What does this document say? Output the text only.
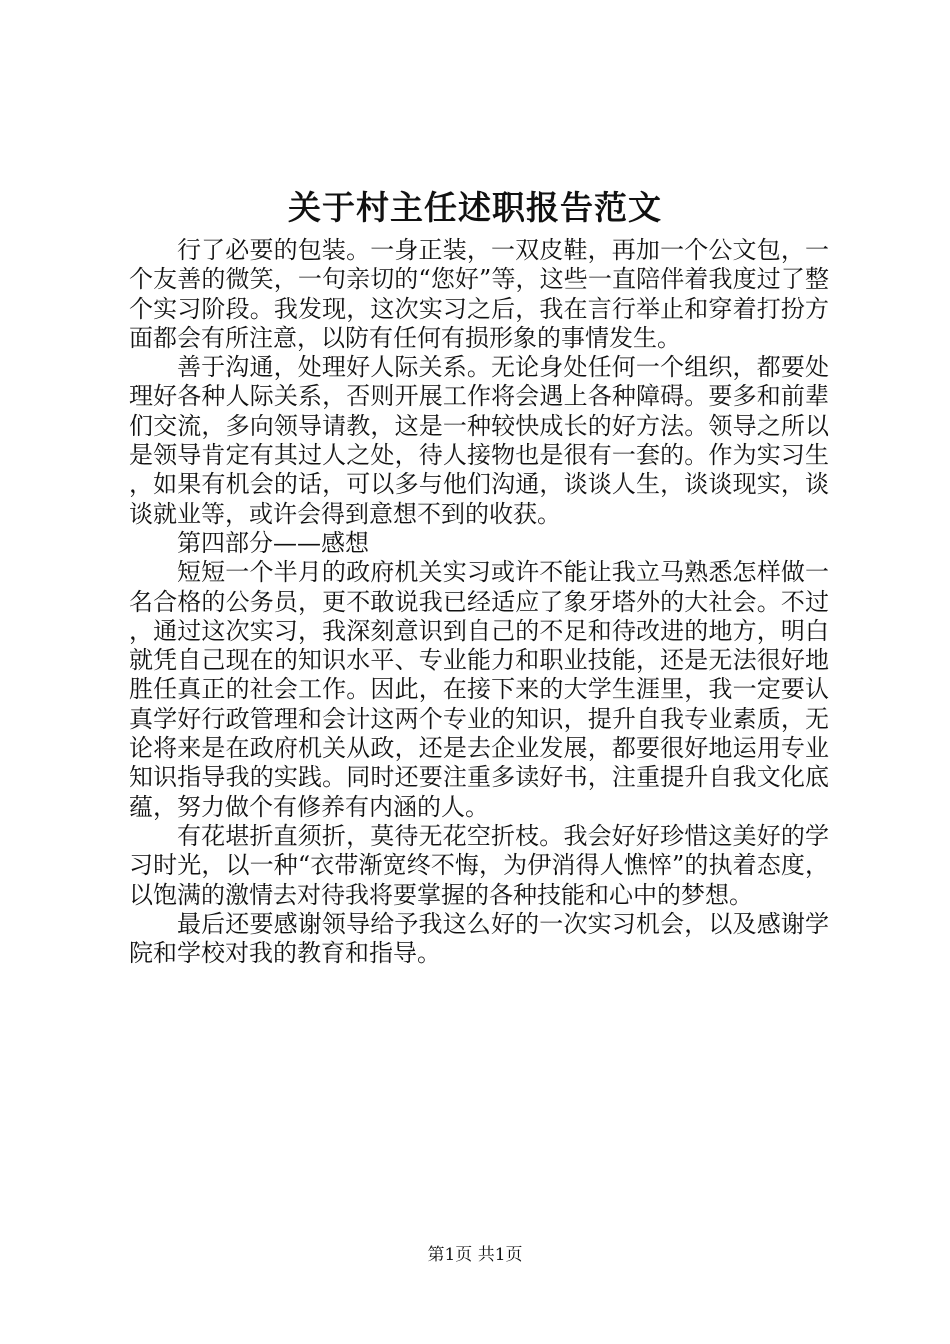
关于村主任述职报告范文

行了必要的包装。一身正装，一双皮鞋，再加一个公文包，一个友善的微笑，一句亲切的“您好”等，这些一直陪伴着我度过了整个实习阶段。我发现，这次实习之后，我在言行举止和穿着打扮方面都会有所注意，以防有任何有损形象的事情发生。

善于沟通，处理好人际关系。无论身处任何一个组织，都要处理好各种人际关系，否则开展工作将会遇上各种障碍。要多和前辈们交流，多向领导请教，这是一种较快成长的好方法。领导之所以是领导肯定有其过人之处，待人接物也是很有一套的。作为实习生，如果有机会的话，可以多与他们沟通，谈谈人生，谈谈现实，谈谈就业等，或许会得到意想不到的收获。

第四部分——感想

短短一个半月的政府机关实习或许不能让我立马熟悉怎样做一名合格的公务员，更不敢说我已经适应了象牙塔外的大社会。不过，通过这次实习，我深刻意识到自己的不足和待改进的地方，明白就凭自己现在的知识水平、专业能力和职业技能，还是无法很好地胜任真正的社会工作。因此，在接下来的大学生涯里，我一定要认真学好行政管理和会计这两个专业的知识，提升自我专业素质，无论将来是在政府机关从政，还是去企业发展，都要很好地运用专业知识指导我的实践。同时还要注重多读好书，注重提升自我文化底蕴，努力做个有修养有内涵的人。

有花堪折直须折，莫待无花空折枝。我会好好珍惜这美好的学习时光，以一种“衣带渐宽终不悔，为伊消得人憔悴”的执着态度，以饱满的激情去对待我将要掌握的各种技能和心中的梦想。

最后还要感谢领导给予我这么好的一次实习机会，以及感谢学院和学校对我的教育和指导。

第1页 共1页
